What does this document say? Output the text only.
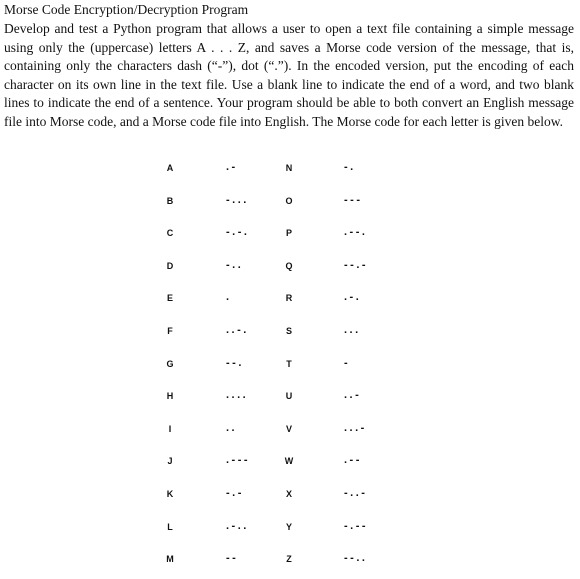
Morse Code Encryption/Decryption Program

Develop and test a Python program that allows a user to open a text file containing a simple message using only the (uppercase) letters A . . . Z, and saves a Morse code version of the message, that is, containing only the characters dash (“-”), dot (“.”). In the encoded version, put the encoding of each character on its own line in the text file. Use a blank line to indicate the end of a word, and two blank lines to indicate the end of a sentence. Your program should be able to both convert an English message file into Morse code, and a Morse code file into English. The Morse code for each letter is given below.

A	.-
B	-...
C	-.-.
D	-..
E	.
F	..-.
G	--.
H	....
I	..
J	.---
K	-.-
L	.-..
M	--
N	-.
O	---
P	.--.
Q	--.-
R	.-.
S	...
T	-
U	..-
V	...-
W	.--
X	-..-
Y	-.--
Z	--..
